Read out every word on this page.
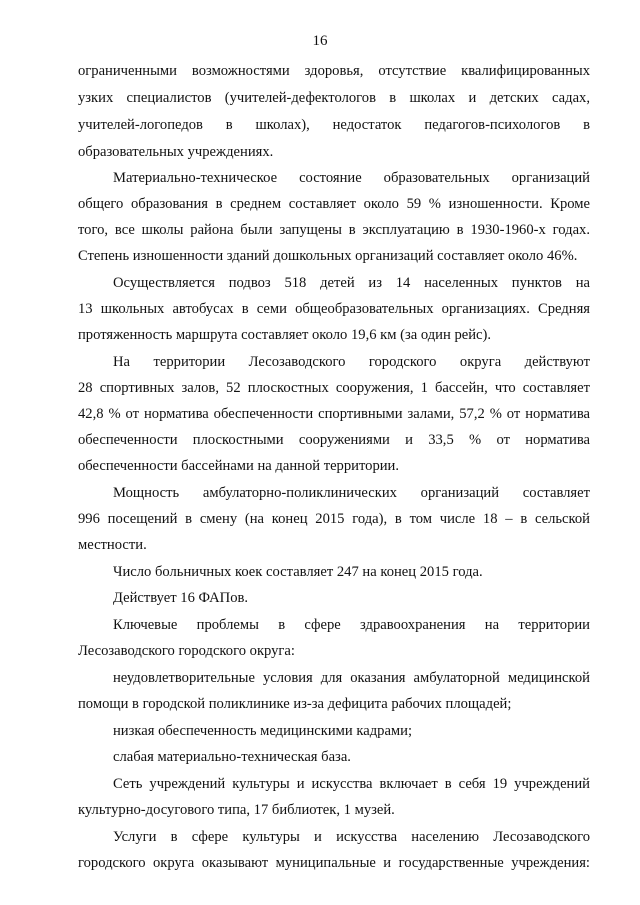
16
ограниченными возможностями здоровья, отсутствие квалифицированных
узких специалистов (учителей-дефектологов в школах и детских садах,
учителей-логопедов в школах), недостаток педагогов-психологов в
образовательных учреждениях.
Материально-техническое состояние образовательных организаций
общего образования в среднем составляет около 59 % изношенности. Кроме
того, все школы района были запущены в эксплуатацию в 1930-1960-х годах.
Степень изношенности зданий дошкольных организаций составляет около 46%.
Осуществляется подвоз 518 детей из 14 населенных пунктов на
13 школьных автобусах в семи общеобразовательных организациях. Средняя
протяженность маршрута составляет около 19,6 км (за один рейс).
На территории Лесозаводского городского округа действуют
28 спортивных залов, 52 плоскостных сооружения, 1 бассейн, что составляет
42,8 % от норматива обеспеченности спортивными залами, 57,2 % от норматива
обеспеченности плоскостными сооружениями и 33,5 % от норматива
обеспеченности бассейнами на данной территории.
Мощность амбулаторно-поликлинических организаций составляет
996 посещений в смену (на конец 2015 года), в том числе 18 – в сельской
местности.
Число больничных коек составляет 247 на конец 2015 года.
Действует 16 ФАПов.
Ключевые проблемы в сфере здравоохранения на территории
Лесозаводского городского округа:
неудовлетворительные условия для оказания амбулаторной медицинской
помощи в городской поликлинике из-за дефицита рабочих площадей;
низкая обеспеченность медицинскими кадрами;
слабая материально-техническая база.
Сеть учреждений культуры и искусства включает в себя 19 учреждений
культурно-досугового типа, 17 библиотек, 1 музей.
Услуги в сфере культуры и искусства населению Лесозаводского
городского округа оказывают муниципальные и государственные учреждения:
